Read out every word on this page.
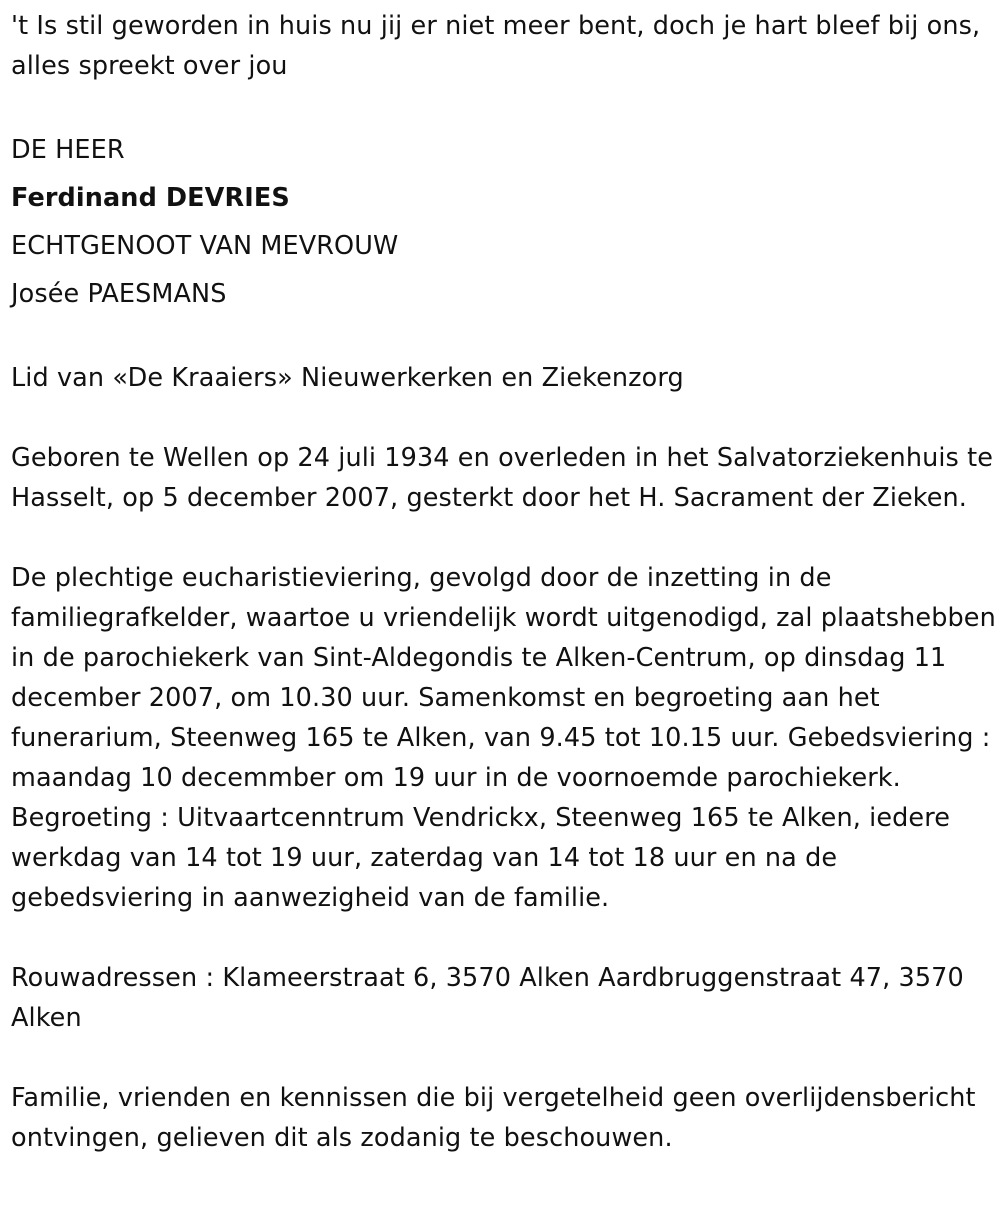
't Is stil geworden in huis nu jij er niet meer bent, doch je hart bleef bij ons, alles spreekt over jou

DE HEER

Ferdinand DEVRIES

ECHTGENOOT VAN MEVROUW

Josée PAESMANS

Lid van «De Kraaiers» Nieuwerkerken en Ziekenzorg

Geboren te Wellen op 24 juli 1934 en overleden in het Salvatorziekenhuis te Hasselt, op 5 december 2007, gesterkt door het H. Sacrament der Zieken.

De plechtige eucharistieviering, gevolgd door de inzetting in de familiegrafkelder, waartoe u vriendelijk wordt uitgenodigd, zal plaatshebben in de parochiekerk van Sint-Aldegondis te Alken-Centrum, op dinsdag 11 december 2007, om 10.30 uur. Samenkomst en begroeting aan het funerarium, Steenweg 165 te Alken, van 9.45 tot 10.15 uur. Gebedsviering : maandag 10 decemmber om 19 uur in de voornoemde parochiekerk. Begroeting : Uitvaartcenntrum Vendrickx, Steenweg 165 te Alken, iedere werkdag van 14 tot 19 uur, zaterdag van 14 tot 18 uur en na de gebedsviering in aanwezigheid van de familie.

Rouwadressen : Klameerstraat 6, 3570 Alken Aardbruggenstraat 47, 3570 Alken

Familie, vrienden en kennissen die bij vergetelheid geen overlijdensbericht ontvingen, gelieven dit als zodanig te beschouwen.
